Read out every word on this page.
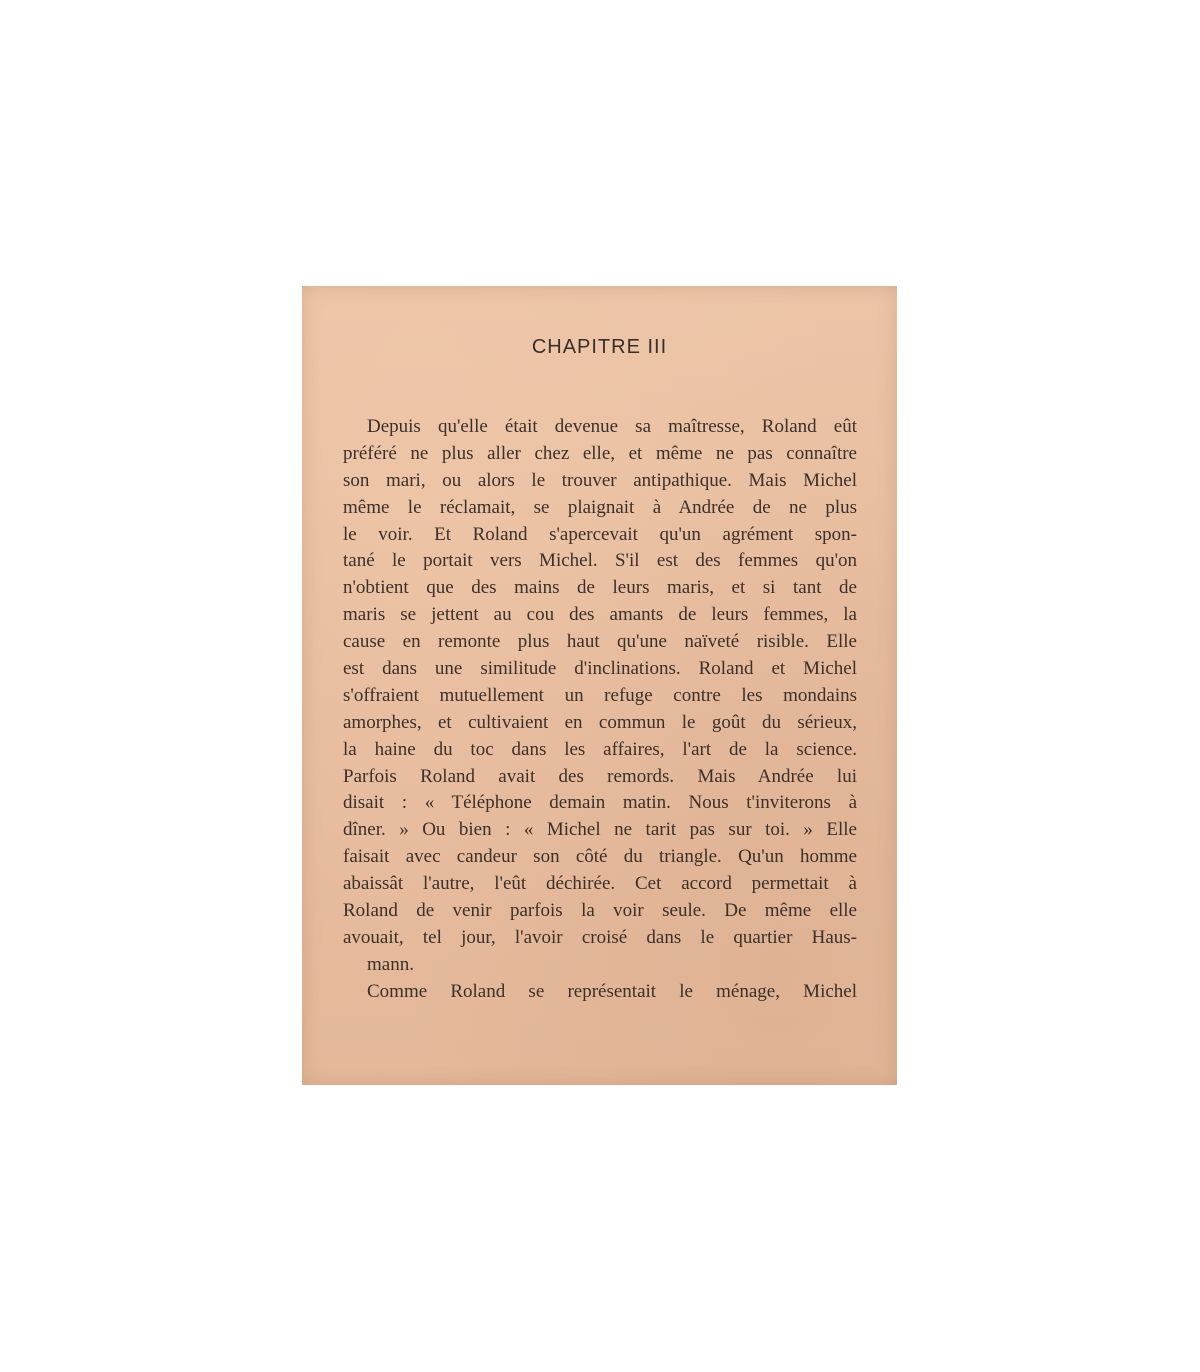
CHAPITRE III
Depuis qu'elle était devenue sa maîtresse, Roland eût
préféré ne plus aller chez elle, et même ne pas connaître
son mari, ou alors le trouver antipathique. Mais Michel
même le réclamait, se plaignait à Andrée de ne plus
le voir. Et Roland s'apercevait qu'un agrément spon-
tané le portait vers Michel. S'il est des femmes qu'on
n'obtient que des mains de leurs maris, et si tant de
maris se jettent au cou des amants de leurs femmes, la
cause en remonte plus haut qu'une naïveté risible. Elle
est dans une similitude d'inclinations. Roland et Michel
s'offraient mutuellement un refuge contre les mondains
amorphes, et cultivaient en commun le goût du sérieux,
la haine du toc dans les affaires, l'art de la science.
Parfois Roland avait des remords. Mais Andrée lui
disait : « Téléphone demain matin. Nous t'inviterons à
dîner. » Ou bien : « Michel ne tarit pas sur toi. » Elle
faisait avec candeur son côté du triangle. Qu'un homme
abaissât l'autre, l'eût déchirée. Cet accord permettait à
Roland de venir parfois la voir seule. De même elle
avouait, tel jour, l'avoir croisé dans le quartier Haus-
mann.
Comme Roland se représentait le ménage, Michel
